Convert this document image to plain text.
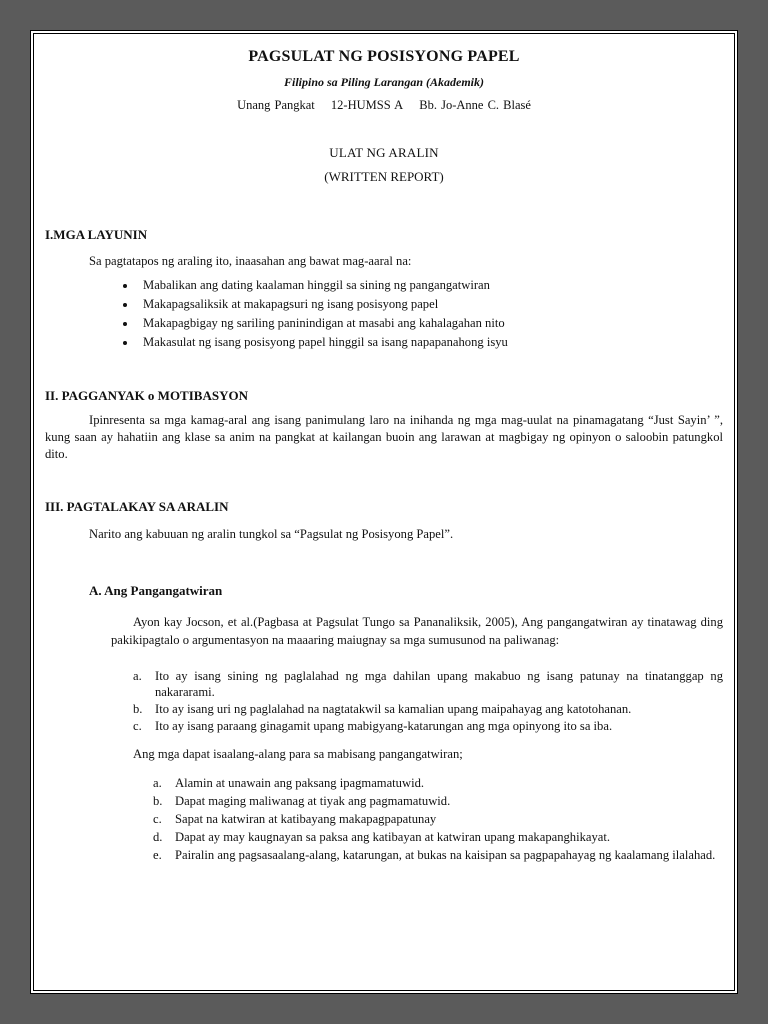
PAGSULAT NG POSISYONG PAPEL
Filipino sa Piling Larangan (Akademik)
Unang Pangkat 12-HUMSS A Bb. Jo-Anne C. Blasé
ULAT NG ARALIN
(WRITTEN REPORT)
I.MGA LAYUNIN
Sa pagtatapos ng araling ito, inaasahan ang bawat mag-aaral na:
• Mabalikan ang dating kaalaman hinggil sa sining ng pangangatwiran
• Makapagsaliksik at makapagsuri ng isang posisyong papel
• Makapagbigay ng sariling paninindigan at masabi ang kahalagahan nito
• Makasulat ng isang posisyong papel hinggil sa isang napapanahong isyu
II. PAGGANYAK o MOTIBASYON
Ipinresenta sa mga kamag-aral ang isang panimulang laro na inihanda ng mga mag-uulat na pinamagatang “Just Sayin’ ”, kung saan ay hahatiin ang klase sa anim na pangkat at kailangan buoin ang larawan at magbigay ng opinyon o saloobin patungkol dito.
III. PAGTALAKAY SA ARALIN
Narito ang kabuuan ng aralin tungkol sa “Pagsulat ng Posisyong Papel”.
A. Ang Pangangatwiran
Ayon kay Jocson, et al.(Pagbasa at Pagsulat Tungo sa Pananaliksik, 2005), Ang pangangatwiran ay tinatawag ding pakikipagtalo o argumentasyon na maaaring maiugnay sa mga sumusunod na paliwanag:
a. Ito ay isang sining ng paglalahad ng mga dahilan upang makabuo ng isang patunay na tinatanggap ng nakararami.
b. Ito ay isang uri ng paglalahad na nagtatakwil sa kamalian upang maipahayag ang katotohanan.
c. Ito ay isang paraang ginagamit upang mabigyang-katarungan ang mga opinyong ito sa iba.
Ang mga dapat isaalang-alang para sa mabisang pangangatwiran;
a. Alamin at unawain ang paksang ipagmamatuwid.
b. Dapat maging maliwanag at tiyak ang pagmamatuwid.
c. Sapat na katwiran at katibayang makapagpapatunay
d. Dapat ay may kaugnayan sa paksa ang katibayan at katwiran upang makapanghikayat.
e. Pairalin ang pagsasaalang-alang, katarungan, at bukas na kaisipan sa pagpapahayag ng kaalamang ilalahad.
